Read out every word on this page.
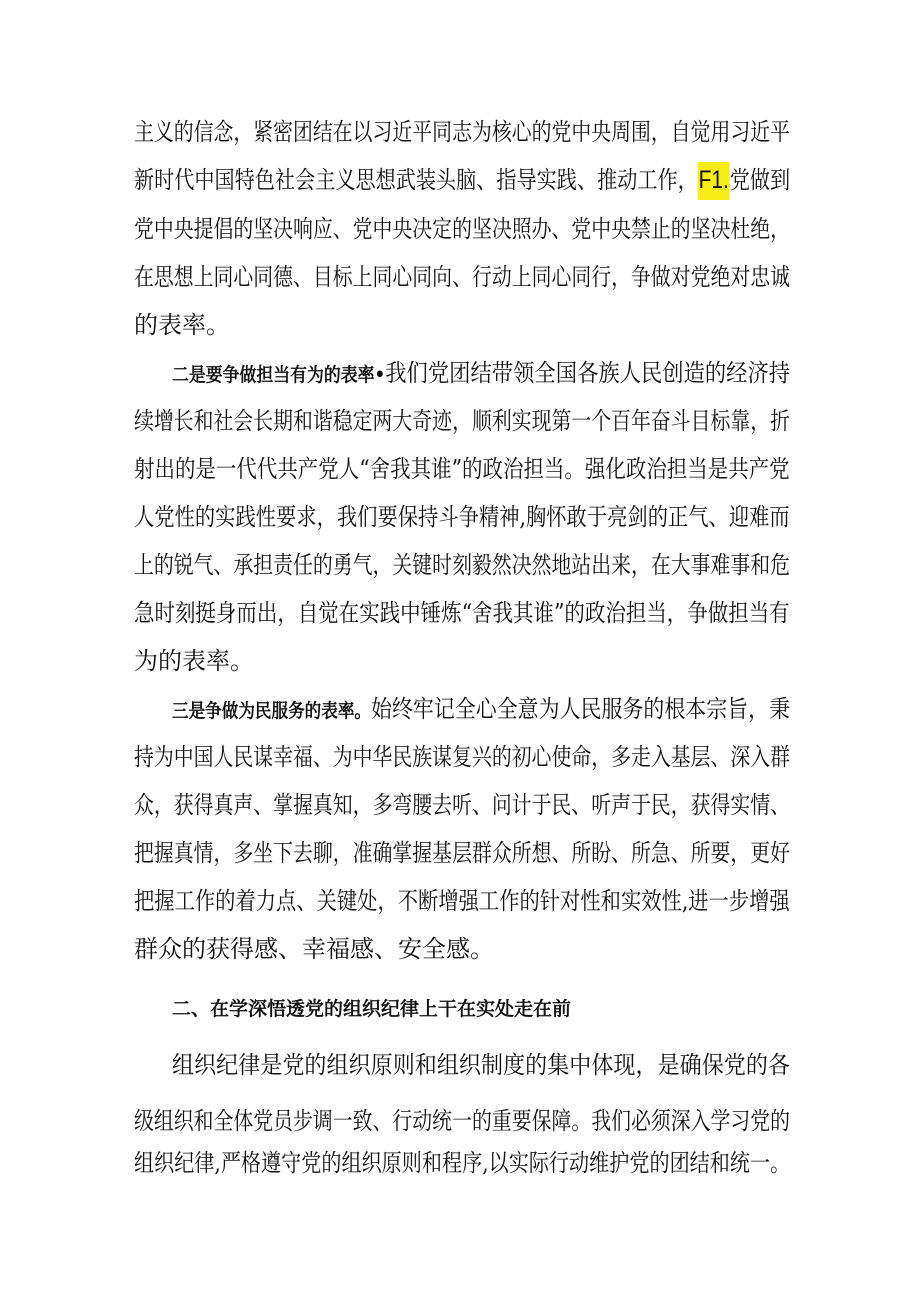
主义的信念，紧密团结在以习近平同志为核心的党中央周围，自觉用习近平
新时代中国特色社会主义思想武装头脑、指导实践、推动工作，F1.党做到
党中央提倡的坚决响应、党中央决定的坚决照办、党中央禁止的坚决杜绝，
在思想上同心同德、目标上同心同向、行动上同心同行，争做对党绝对忠诚
的表率。
二是要争做担当有为的表率•我们党团结带领全国各族人民创造的经济持
续增长和社会长期和谐稳定两大奇迹，顺利实现第一个百年奋斗目标靠，折
射出的是一代代共产党人“舍我其谁”的政治担当。强化政治担当是共产党
人党性的实践性要求，我们要保持斗争精神,胸怀敢于亮剑的正气、迎难而
上的锐气、承担责任的勇气，关键时刻毅然决然地站出来，在大事难事和危
急时刻挺身而出，自觉在实践中锤炼“舍我其谁”的政治担当，争做担当有
为的表率。
三是争做为民服务的表率。始终牢记全心全意为人民服务的根本宗旨，秉
持为中国人民谋幸福、为中华民族谋复兴的初心使命，多走入基层、深入群
众，获得真声、掌握真知，多弯腰去听、问计于民、听声于民，获得实情、
把握真情，多坐下去聊，准确掌握基层群众所想、所盼、所急、所要，更好
把握工作的着力点、关键处，不断增强工作的针对性和实效性,进一步增强
群众的获得感、幸福感、安全感。
二、在学深悟透党的组织纪律上干在实处走在前
组织纪律是党的组织原则和组织制度的集中体现，是确保党的各
级组织和全体党员步调一致、行动统一的重要保障。我们必须深入学习党的
组织纪律,严格遵守党的组织原则和程序,以实际行动维护党的团结和统一。
